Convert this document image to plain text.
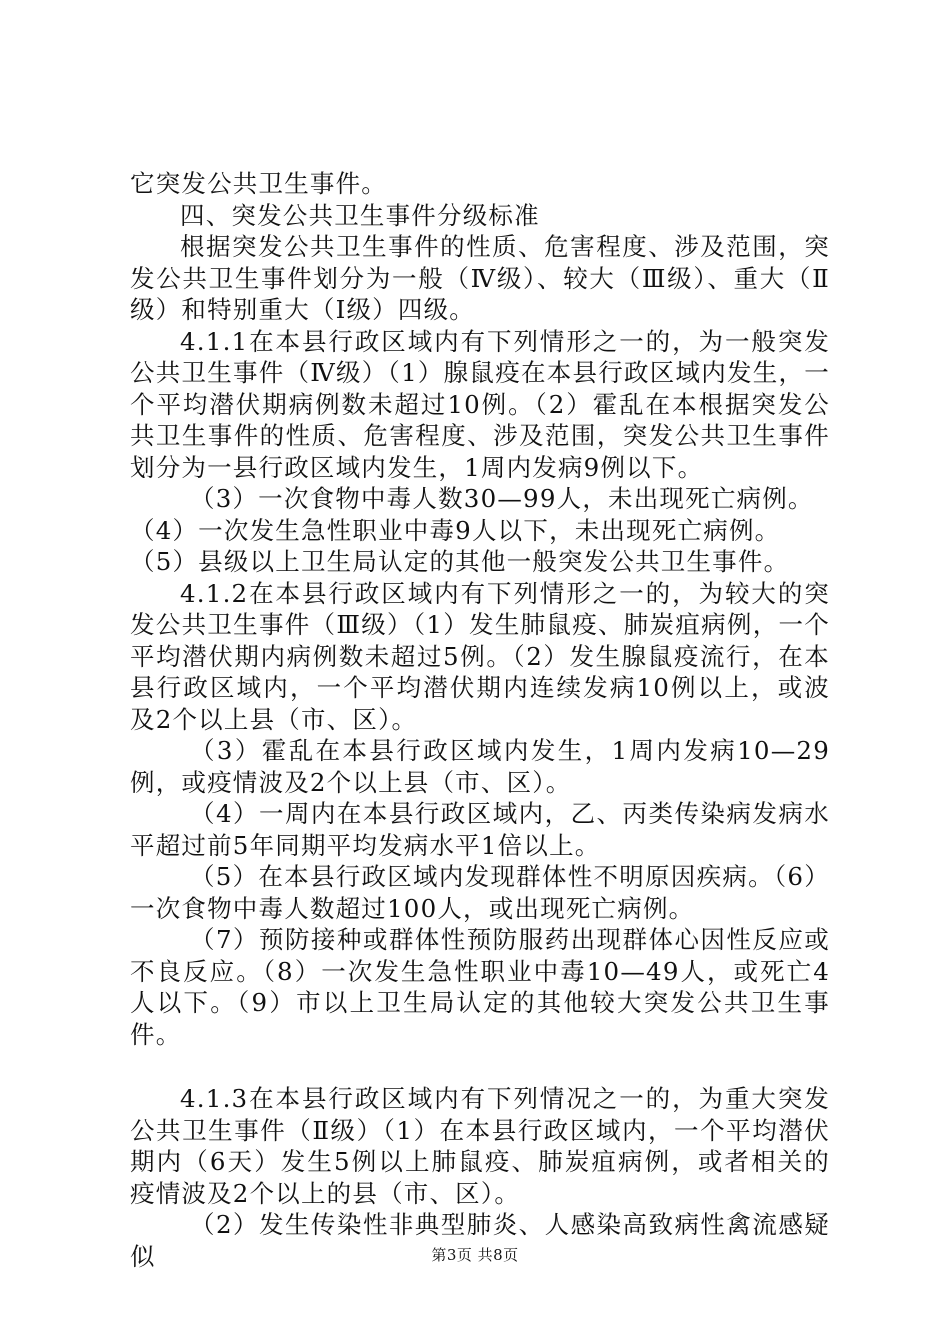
它突发公共卫生事件。

四、突发公共卫生事件分级标准

根据突发公共卫生事件的性质、危害程度、涉及范围，突发公共卫生事件划分为一般（Ⅳ级）、较大（Ⅲ级）、重大（Ⅱ级）和特别重大（Ⅰ级）四级。

4.1.1在本县行政区域内有下列情形之一的，为一般突发公共卫生事件（Ⅳ级）（1）腺鼠疫在本县行政区域内发生，一个平均潜伏期病例数未超过10例。（2）霍乱在本根据突发公共卫生事件的性质、危害程度、涉及范围，突发公共卫生事件划分为一县行政区域内发生，1周内发病9例以下。

（3）一次食物中毒人数30—99人，未出现死亡病例。

（4）一次发生急性职业中毒9人以下，未出现死亡病例。

（5）县级以上卫生局认定的其他一般突发公共卫生事件。

4.1.2在本县行政区域内有下列情形之一的，为较大的突发公共卫生事件（Ⅲ级）（1）发生肺鼠疫、肺炭疽病例，一个平均潜伏期内病例数未超过5例。（2）发生腺鼠疫流行，在本县行政区域内，一个平均潜伏期内连续发病10例以上，或波及2个以上县（市、区）。

（3）霍乱在本县行政区域内发生，1周内发病10—29例，或疫情波及2个以上县（市、区）。

（4）一周内在本县行政区域内，乙、丙类传染病发病水平超过前5年同期平均发病水平1倍以上。

（5）在本县行政区域内发现群体性不明原因疾病。（6）一次食物中毒人数超过100人，或出现死亡病例。

（7）预防接种或群体性预防服药出现群体心因性反应或不良反应。（8）一次发生急性职业中毒10—49人，或死亡4人以下。（9）市以上卫生局认定的其他较大突发公共卫生事件。

4.1.3在本县行政区域内有下列情况之一的，为重大突发公共卫生事件（Ⅱ级）（1）在本县行政区域内，一个平均潜伏期内（6天）发生5例以上肺鼠疫、肺炭疽病例，或者相关的疫情波及2个以上的县（市、区）。

（2）发生传染性非典型肺炎、人感染高致病性禽流感疑似	第3页 共8页
